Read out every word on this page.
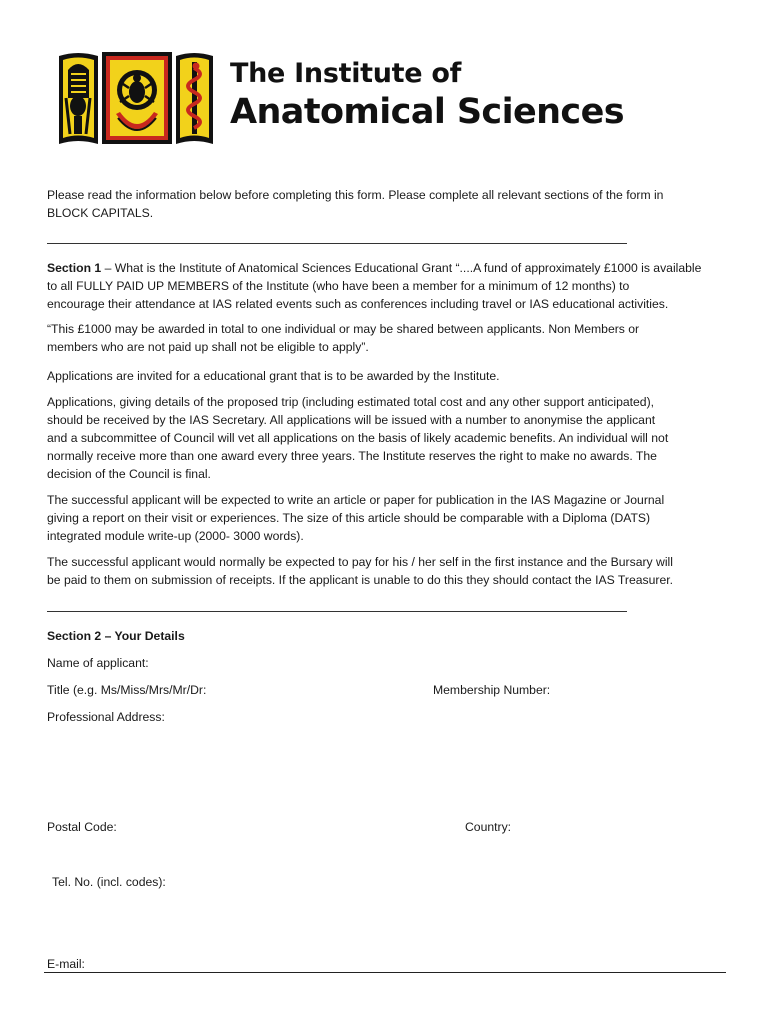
The Institute of
Anatomical Sciences
Please read the information below before completing this form. Please complete all relevant sections of the form in
BLOCK CAPITALS.
Section 1 – What is the Institute of Anatomical Sciences Educational Grant “....A fund of approximately £1000 is available
to all FULLY PAID UP MEMBERS of the Institute (who have been a member for a minimum of 12 months) to
encourage their attendance at IAS related events such as conferences including travel or IAS educational activities.
“This £1000 may be awarded in total to one individual or may be shared between applicants. Non Members or
members who are not paid up shall not be eligible to apply”.
Applications are invited for a educational grant that is to be awarded by the Institute.
Applications, giving details of the proposed trip (including estimated total cost and any other support anticipated),
should be received by the IAS Secretary. All applications will be issued with a number to anonymise the applicant
and a subcommittee of Council will vet all applications on the basis of likely academic benefits. An individual will not
normally receive more than one award every three years. The Institute reserves the right to make no awards. The
decision of the Council is final.
The successful applicant will be expected to write an article or paper for publication in the IAS Magazine or Journal
giving a report on their visit or experiences. The size of this article should be comparable with a Diploma (DATS)
integrated module write-up (2000- 3000 words).
The successful applicant would normally be expected to pay for his / her self in the first instance and the Bursary will
be paid to them on submission of receipts. If the applicant is unable to do this they should contact the IAS Treasurer.
Section 2 – Your Details
Name of applicant:
Title (e.g. Ms/Miss/Mrs/Mr/Dr:	Membership Number:
Professional Address:
Postal Code:	Country:
Tel. No. (incl. codes):
E-mail:
